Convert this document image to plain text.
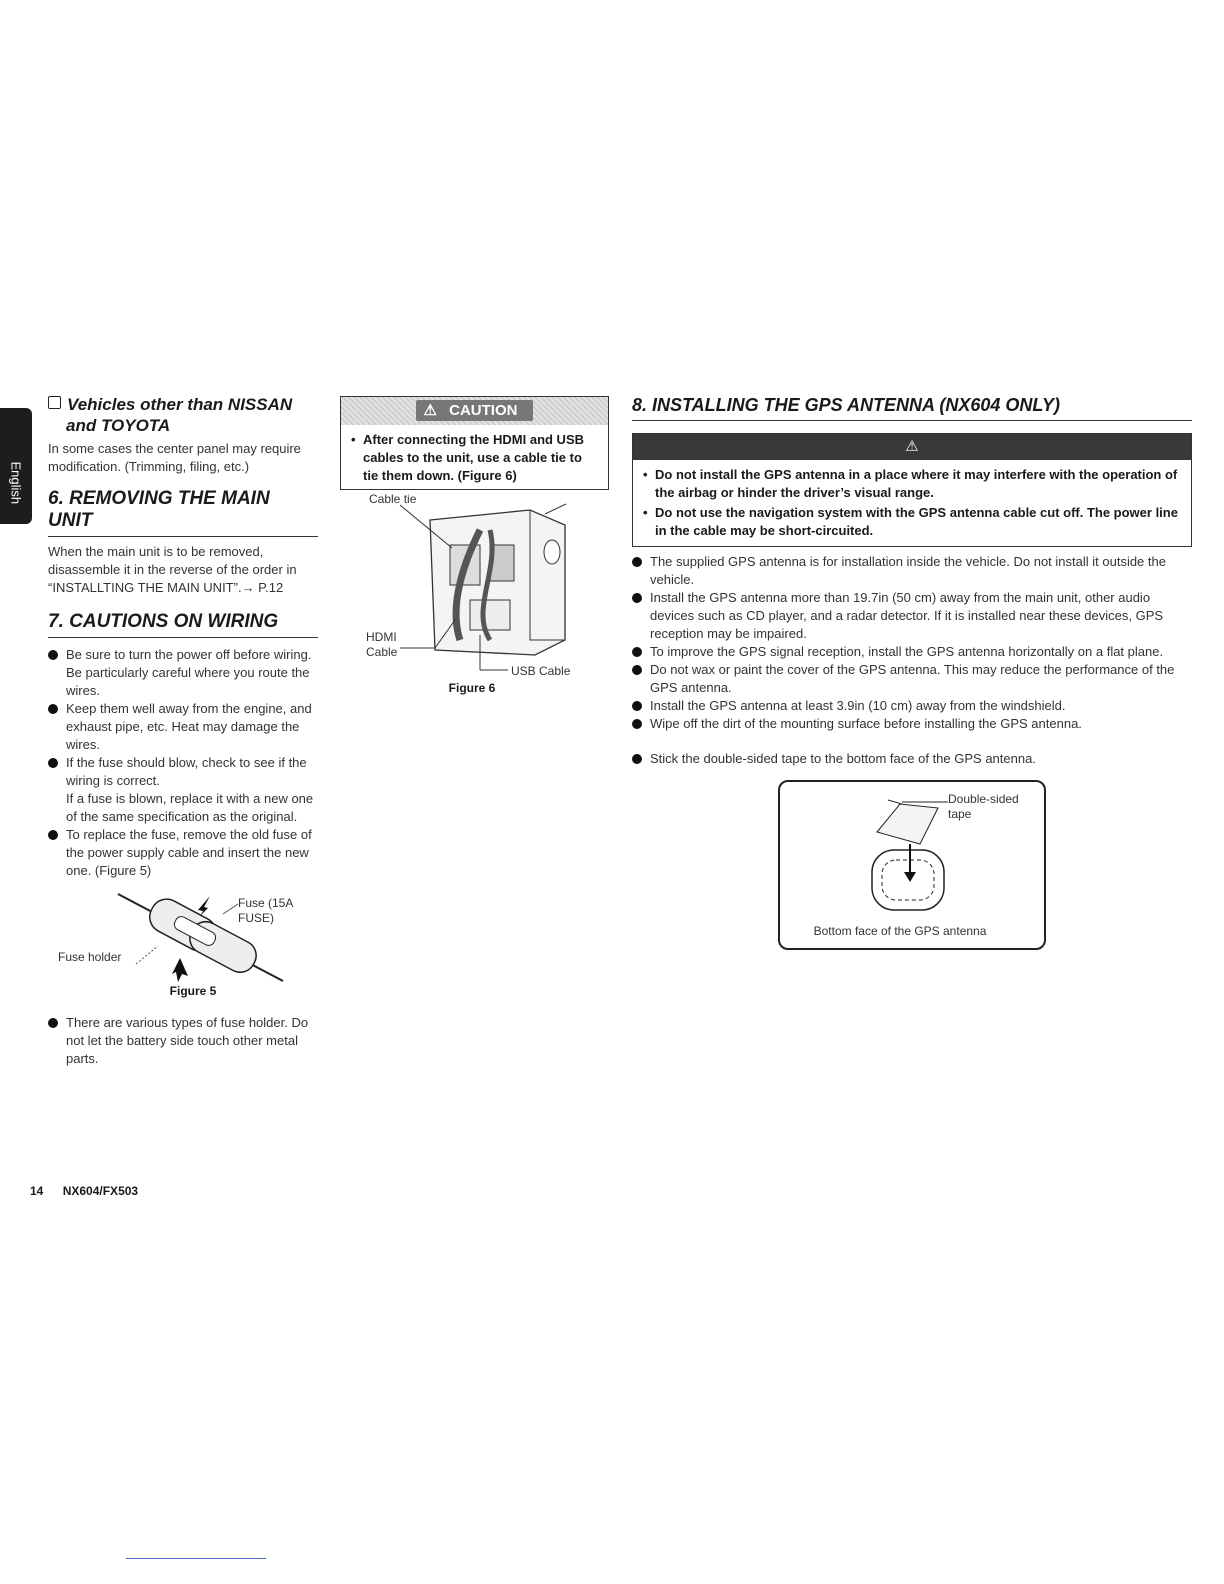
English
Vehicles other than NISSAN
and TOYOTA
In some cases the center panel may require modification. (Trimming, filing, etc.)
6. REMOVING THE MAIN UNIT
When the main unit is to be removed, disassemble it in the reverse of the order in “INSTALLTING THE MAIN UNIT”.→ P.12
7. CAUTIONS ON WIRING
Be sure to turn the power off before wiring.
Be particularly careful where you route the wires.
Keep them well away from the engine, and exhaust pipe, etc. Heat may damage the wires.
If the fuse should blow, check to see if the wiring is correct.
If a fuse is blown, replace it with a new one of the same specification as the original.
To replace the fuse, remove the old fuse of the power supply cable and insert the new one. (Figure 5)
Fuse (15A FUSE)
Fuse holder
Figure 5
There are various types of fuse holder. Do not let the battery side touch other metal parts.
⚠ CAUTION
• After connecting the HDMI and USB cables to the unit, use a cable tie to tie them down. (Figure 6)
Cable tie
HDMI
Cable
USB Cable
Figure 6
8. INSTALLING THE GPS ANTENNA (NX604 ONLY)
⚠
• Do not install the GPS antenna in a place where it may interfere with the operation of the airbag or hinder the driver’s visual range.
• Do not use the navigation system with the GPS antenna cable cut off. The power line in the cable may be short-circuited.
The supplied GPS antenna is for installation inside the vehicle. Do not install it outside the vehicle.
Install the GPS antenna more than 19.7in (50 cm) away from the main unit, other audio devices such as CD player, and a radar detector. If it is installed near these devices, GPS reception may be impaired.
To improve the GPS signal reception, install the GPS antenna horizontally on a flat plane.
Do not wax or paint the cover of the GPS antenna. This may reduce the performance of the GPS antenna.
Install the GPS antenna at least 3.9in (10 cm) away from the windshield.
Wipe off the dirt of the mounting surface before installing the GPS antenna.
Stick the double-sided tape to the bottom face of the GPS antenna.
Double-sided
tape
Bottom face of the GPS antenna
14 NX604/FX503
